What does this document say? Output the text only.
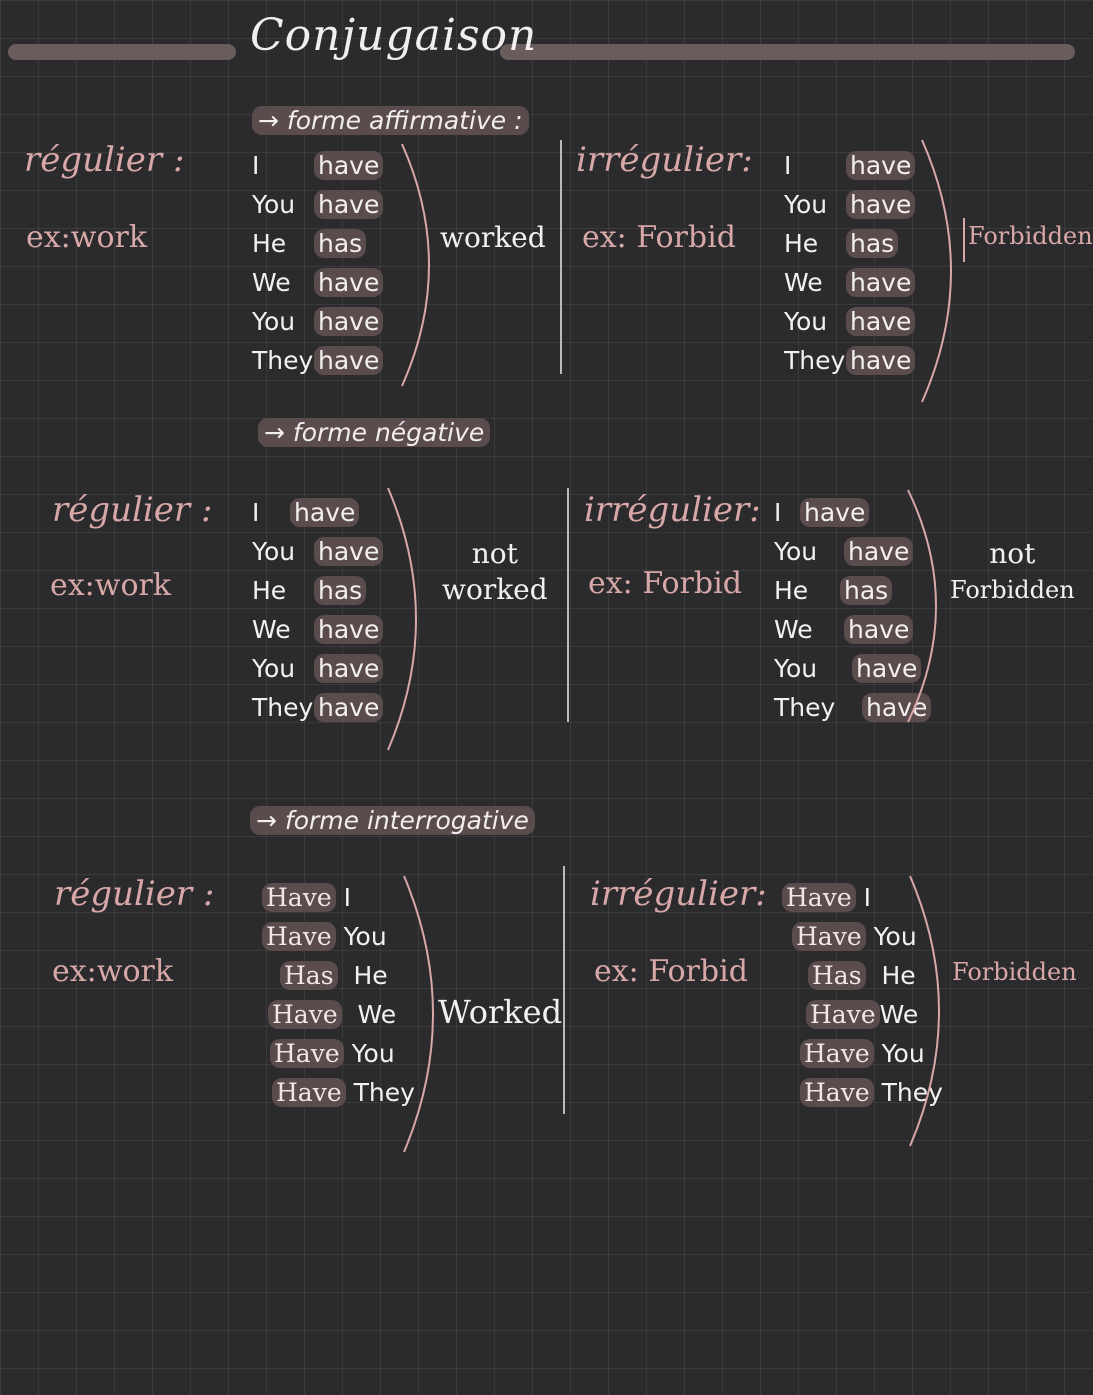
Conjugaison
→ forme affirmative :
régulier :
ex:work
I have
You have
He has
We have
You have
They have
worked
irrégulier:
ex: Forbid
I have
You have
He has
We have
You have
They have
Forbidden
→ forme négative
régulier :
ex:work
I have
You have
He has
We have
You have
They have
not
worked
irrégulier:
ex: Forbid
I have
You have
He has
We have
You have
They have
not
Forbidden
→ forme interrogative
régulier :
ex:work
Have I
Have You
Has He
Have We
Have You
Have They
Worked
irrégulier:
ex: Forbid
Have I
Have You
Has He
Have We
Have You
Have They
Forbidden
